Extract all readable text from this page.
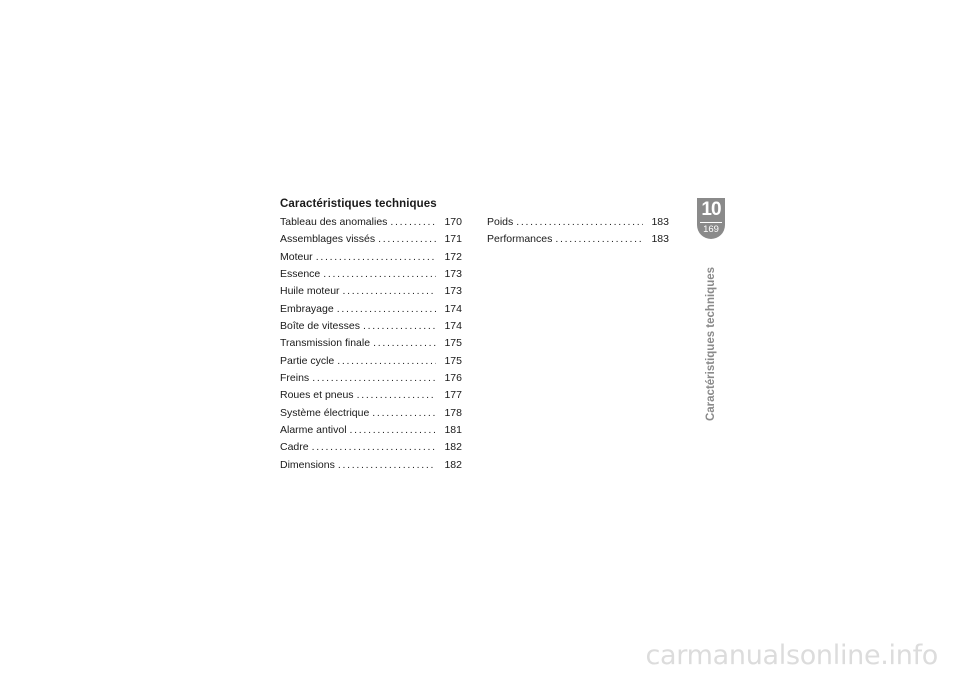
Caractéristiques techniques
Tableau des anomalies . . .	170
Assemblages vissés . . .	171
Moteur . . .	172
Essence . . .	173
Huile moteur . . .	173
Embrayage . . .	174
Boîte de vitesses . . .	174
Transmission finale . . .	175
Partie cycle . . .	175
Freins . . .	176
Roues et pneus . . .	177
Système électrique . . .	178
Alarme antivol . . .	181
Cadre . . .	182
Dimensions . . .	182
Poids . . .	183
Performances . . .	183
10
169
Caractéristiques techniques
carmanualsonline.info
